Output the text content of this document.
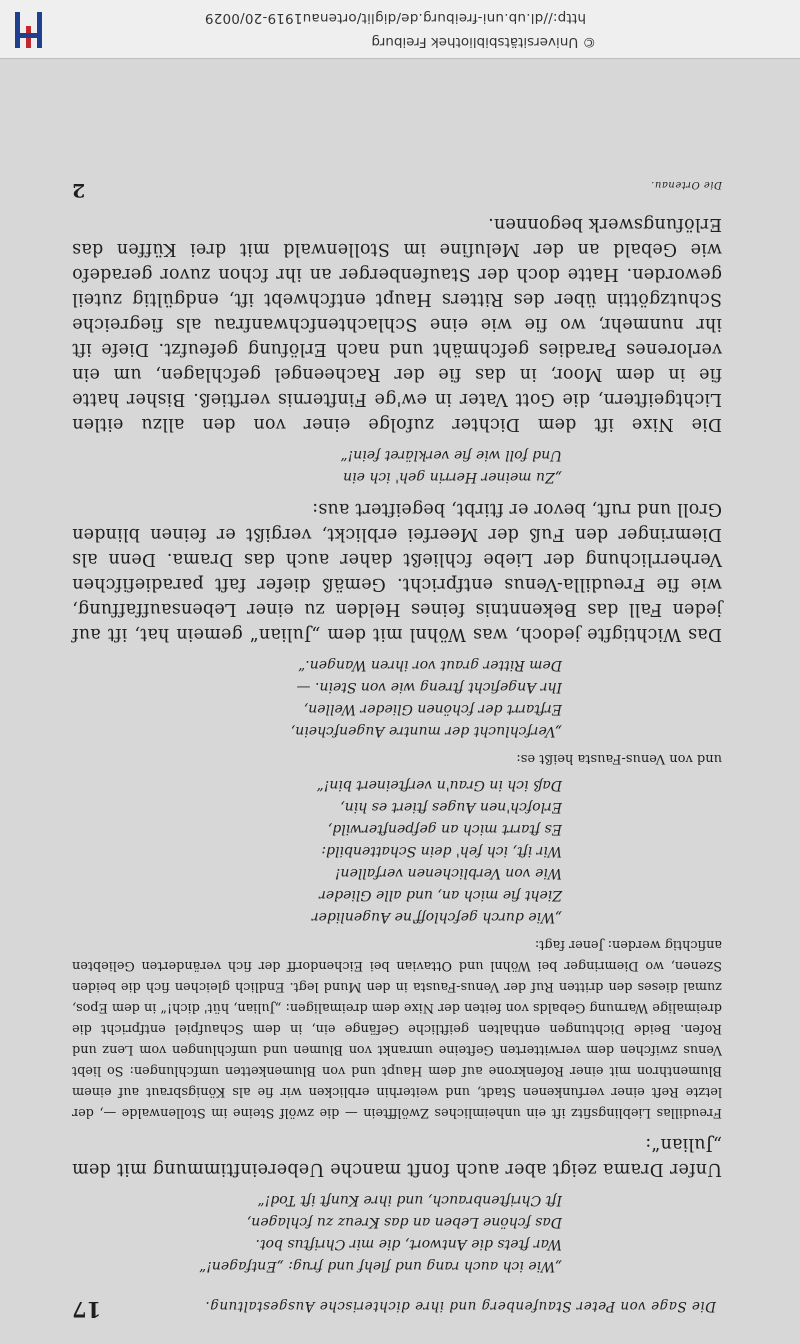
Die Sage von Peter Staufenberg und ihre dichterische Ausgestaltung.
17
„Wie ich auch rang und flehf und frug: „Entfagen!“
War ftets die Antwort, die mir Chriftus bot.
Das fchöne Leben an das Kreuz zu fchlagen,
Ift Chriftenbrauch, und ihre Kunft ift Tod!“

Unfer Drama zeigt aber auch fonft manche Uebereinftimmung mit dem „Julian“:

Freudillas Lieblingsfitz ift ein unheimliches Zwölfftein — die zwölf Steine im Stollenwalde —, der letzte Reft einer verfunkenen Stadt, und weiterhin erblicken wir fie als Königsbraut auf einem Blumenthron mit einer Rofenkrone auf dem Haupt und von Blumenketten umfchlungen: So liebt Venus zwifchen dem verwitterten Gefteine umrankt von Blumen und umfchlungen vom Lenz und Rofen. Beide Dichtungen enthalten geiftliche Gefänge ein, in dem Schaufpiel entfpricht die dreimalige Warnung Gebalds von feiten der Nixe dem dreimaligen: „Julian, hüt' dich!“ in dem Epos, zumal dieses den dritten Ruf der Venus-Fausta in den Mund legt. Endlich gleichen fich die beiden Szenen, wo Diemringer bei Wöhnl und Ottavian bei Eichendorff der fich veränderten Geliebten anfichtig werden: Jener fagt:

„Wie durch gefchloff'ne Augenlider
Zieht fie mich an, und alle Glieder
Wie von Verblichenen verfallen!
Wir ift, ich feh' dein Schattenbild:
Es ftarrt mich an gefpenfterwild,
Erlofch'nen Auges ftiert es hin,
Daß ich in Grau'n verfteinert bin!“

und von Venus-Fausta heißt es:

„Verfchlucht der muntre Augenfchein,
Erftarrt der fchönen Glieder Wellen,
Ihr Angeficht ftreng wie von Stein. —
Dem Ritter graut vor ihren Wangen.“

Das Wichtigfte jedoch, was Wöhnl mit dem „Julian“ gemein hat, ift auf jeden Fall das Bekenntnis feines Helden zu einer Lebensauffaffung, wie fie Freudilla-Venus entfpricht. Gemäß diefer faft paradiefifchen Verherrlichung der Liebe fchließt daher auch das Drama. Denn als Diemringer den Fuß der Meerfei erblickt, vergißt er feinen blinden Groll und ruft, bevor er ftirbt, begeiftert aus:

„Zu meiner Herrin geh' ich ein
Und foll wie fie verkläret fein!“

Die Nixe ift dem Dichter zufolge einer von den allzu eitlen Lichtgeiftern, die Gott Vater in ew'ge Finfternis verftieß. Bisher hatte fie in dem Moor, in das fie der Racheengel gefchlagen, um ein verlorenes Paradies gefchmäht und nach Erlöfung gefeufzt. Diefe ift ihr nunmehr, wo fie wie eine Schlachtenfchwanfrau als fiegreiche Schutzgöttin über des Ritters Haupt entfchwebt ift, endgültig zuteil geworden. Hatte doch der Staufenberger an ihr fchon zuvor geradefo wie Gebald an der Meluſine im Stollenwald mit drei Küffen das Erlöfungswerk begonnen.

Die Ortenau.
2
© Universitätsbibliothek Freiburg
http://dl.ub.uni-freiburg.de/diglit/ortenau1919-20/0029
